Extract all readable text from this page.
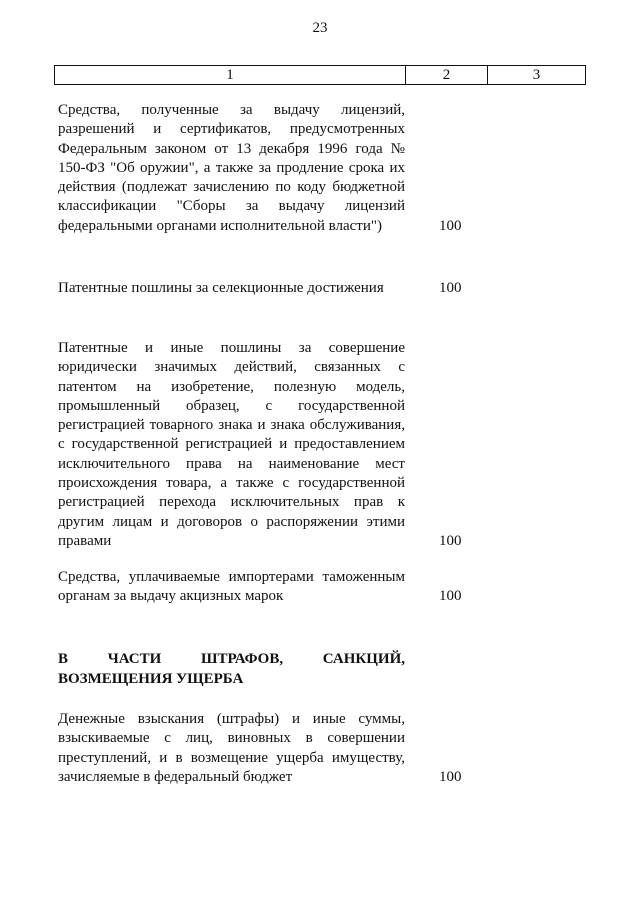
23
1	2	3
Средства, полученные за выдачу лицензий, разрешений и сертификатов, предусмотренных Федеральным законом от 13 декабря 1996 года № 150-ФЗ "Об оружии", а также за продление срока их действия (подлежат зачислению по коду бюджетной классификации "Сборы за выдачу лицензий федеральными органами исполнительной власти")	100
Патентные пошлины за селекционные достижения	100
Патентные и иные пошлины за совершение юридически значимых действий, связанных с патентом на изобретение, полезную модель, промышленный образец, с государственной регистрацией товарного знака и знака обслуживания, с государственной регистрацией и предоставлением исключительного права на наименование мест происхождения товара, а также с государственной регистрацией перехода исключительных прав к другим лицам и договоров о распоряжении этими правами	100
Средства, уплачиваемые импортерами таможенным органам за выдачу акцизных марок	100
В ЧАСТИ ШТРАФОВ, САНКЦИЙ, ВОЗМЕЩЕНИЯ УЩЕРБА
Денежные взыскания (штрафы) и иные суммы, взыскиваемые с лиц, виновных в совершении преступлений, и в возмещение ущерба имуществу, зачисляемые в федеральный бюджет	100
